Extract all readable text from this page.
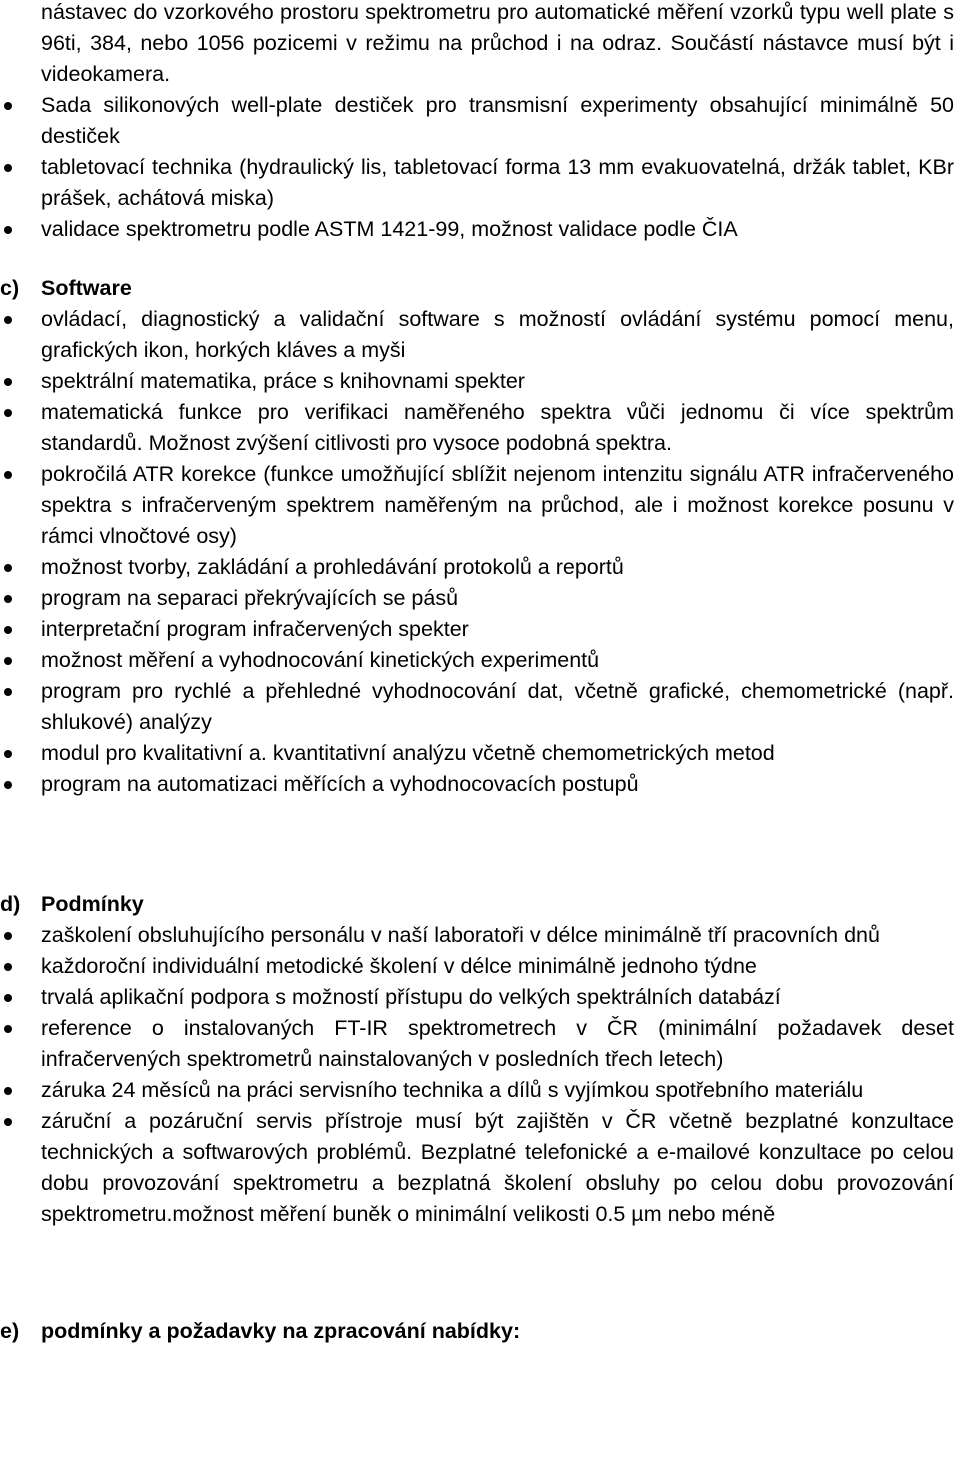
nástavec do vzorkového prostoru spektrometru pro automatické měření vzorků typu well plate s 96ti, 384, nebo 1056 pozicemi v režimu na průchod i na odraz. Součástí nástavce musí být i videokamera.
Sada silikonových well-plate destiček pro transmisní experimenty obsahující minimálně 50 destiček
tabletovací technika (hydraulický lis, tabletovací forma 13 mm evakuovatelná, držák tablet, KBr prášek, achátová miska)
validace spektrometru podle ASTM 1421-99, možnost validace podle ČIA
c) Software
ovládací, diagnostický a validační software s možností ovládání systému pomocí menu, grafických ikon, horkých kláves a myši
spektrální matematika, práce s knihovnami spekter
matematická funkce pro verifikaci naměřeného spektra vůči jednomu či více spektrům standardů. Možnost zvýšení citlivosti pro vysoce podobná spektra.
pokročilá ATR korekce (funkce umožňující sblížit nejenom intenzitu signálu ATR infračerveného spektra s infračerveným spektrem naměřeným na průchod, ale i možnost korekce posunu v rámci vlnočtové osy)
možnost tvorby, zakládání a prohledávání protokolů a reportů
program na separaci překrývajících se pásů
interpretační program infračervených spekter
možnost měření a vyhodnocování kinetických experimentů
program pro rychlé a přehledné vyhodnocování dat, včetně grafické, chemometrické (např. shlukové) analýzy
modul pro kvalitativní a. kvantitativní analýzu včetně chemometrických metod
program na automatizaci měřících a vyhodnocovacích postupů
d) Podmínky
zaškolení obsluhujícího personálu v naší laboratoři v délce minimálně tří pracovních dnů
každoroční individuální metodické školení v délce minimálně jednoho týdne
trvalá aplikační podpora s možností přístupu do velkých spektrálních databází
reference o instalovaných FT-IR spektrometrech v ČR (minimální požadavek deset infračervených spektrometrů nainstalovaných v posledních třech letech)
záruka 24 měsíců na práci servisního technika a dílů s vyjímkou spotřebního materiálu
záruční a pozáruční servis přístroje musí být zajištěn v ČR včetně bezplatné konzultace technických a softwarových problémů. Bezplatné telefonické a e-mailové konzultace po celou dobu provozování spektrometru a bezplatná školení obsluhy po celou dobu provozování spektrometru.možnost měření buněk o minimální velikosti 0.5 µm nebo méně
e) podmínky a požadavky na zpracování nabídky:
